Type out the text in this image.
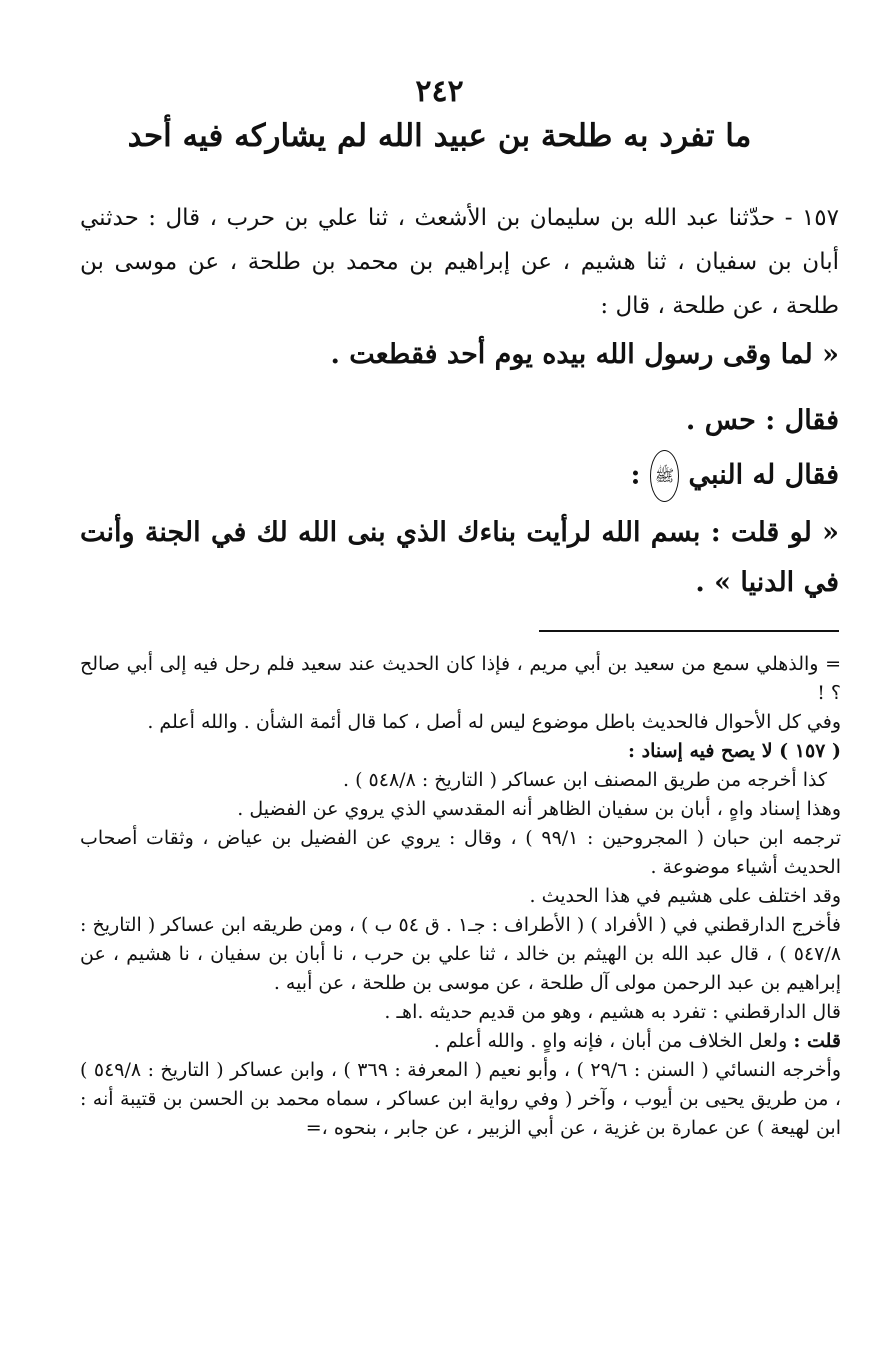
٢٤٢
ما تفرد به طلحة بن عبيد الله لم يشاركه فيه أحد

١٥٧ - حدّثنا عبد الله بن سليمان بن الأشعث ، ثنا علي بن حرب ، قال : حدثني أبان بن سفيان ، ثنا هشيم ، عن إبراهيم بن محمد بن طلحة ، عن موسى بن طلحة ، عن طلحة ، قال :

« لما وقى رسول الله بيده يوم أحد فقطعت .
فقال : حس .
فقال له النبي ﷺ :
« لو قلت : بسم الله لرأيت بناءك الذي بنى الله لك في الجنة وأنت في الدنيا » .

= والذهلي سمع من سعيد بن أبي مريم ، فإذا كان الحديث عند سعيد فلم رحل فيه إلى أبي صالح ؟ !

وفي كل الأحوال فالحديث باطل موضوع ليس له أصل ، كما قال أئمة الشأن . والله أعلم .

( ١٥٧ ) لا يصح فيه إسناد :

كذا أخرجه من طريق المصنف ابن عساكر ( التاريخ : ٥٤٨/٨ ) .

وهذا إسناد واهٍ ، أبان بن سفيان الظاهر أنه المقدسي الذي يروي عن الفضيل .

ترجمه ابن حبان ( المجروحين : ٩٩/١ ) ، وقال : يروي عن الفضيل بن عياض ، وثقات أصحاب الحديث أشياء موضوعة .

وقد اختلف على هشيم في هذا الحديث .

فأخرج الدارقطني في ( الأفراد ) ( الأطراف : جـ١ . ق ٥٤ ب ) ، ومن طريقه ابن عساكر ( التاريخ : ٥٤٧/٨ ) ، قال عبد الله بن الهيثم بن خالد ، ثنا علي بن حرب ، نا أبان بن سفيان ، نا هشيم ، عن إبراهيم بن عبد الرحمن مولى آل طلحة ، عن موسى بن طلحة ، عن أبيه .

قال الدارقطني : تفرد به هشيم ، وهو من قديم حديثه .اهـ .

قلت : ولعل الخلاف من أبان ، فإنه واهٍ . والله أعلم .

وأخرجه النسائي ( السنن : ٢٩/٦ ) ، وأبو نعيم ( المعرفة : ٣٦٩ ) ، وابن عساكر ( التاريخ : ٥٤٩/٨ ) ، من طريق يحيى بن أيوب ، وآخر ( وفي رواية ابن عساكر ، سماه محمد بن الحسن بن قتيبة أنه : ابن لهيعة ) عن عمارة بن غزية ، عن أبي الزبير ، عن جابر ، بنحوه ،=
